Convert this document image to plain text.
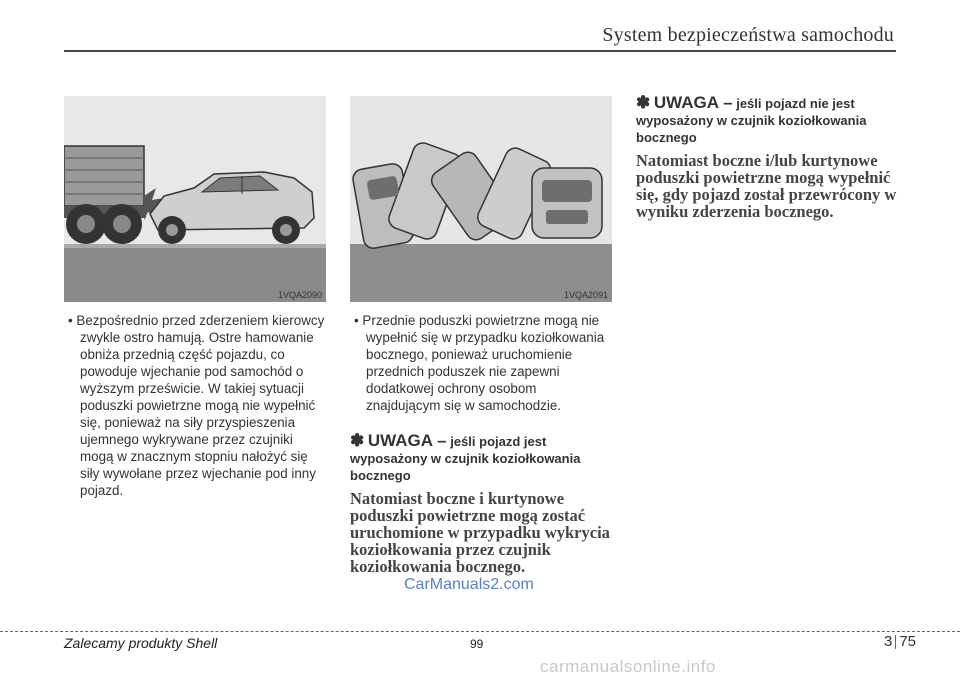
System bezpieczeństwa samochodu
1VQA2090

• Bezpośrednio przed zderzeniem kierowcy zwykle ostro hamują. Ostre hamowanie obniża przednią część pojazdu, co powoduje wjechanie pod samochód o wyższym prześwicie. W takiej sytuacji poduszki powietrzne mogą nie wypełnić się, ponieważ na siły przyspieszenia ujemnego wykrywane przez czujniki mogą w znacznym stopniu nałożyć się siły wywołane przez wjechanie pod inny pojazd.

1VQA2091

• Przednie poduszki powietrzne mogą nie wypełnić się w przypadku koziołkowania bocznego, ponieważ uruchomienie przednich poduszek nie zapewni dodatkowej ochrony osobom znajdującym się w samochodzie.

✽ UWAGA – jeśli pojazd jest wyposażony w czujnik koziołkowania bocznego
Natomiast boczne i kurtynowe poduszki powietrzne mogą zostać uruchomione w przypadku wykrycia koziołkowania przez czujnik koziołkowania bocznego.
✽ UWAGA – jeśli pojazd nie jest wyposażony w czujnik koziołkowania bocznego
Natomiast boczne i/lub kurtynowe poduszki powietrzne mogą wypełnić się, gdy pojazd został przewrócony w wyniku zderzenia bocznego.
CarManuals2.com
Zalecamy produkty Shell	99	3 75
carmanualsonline.info
